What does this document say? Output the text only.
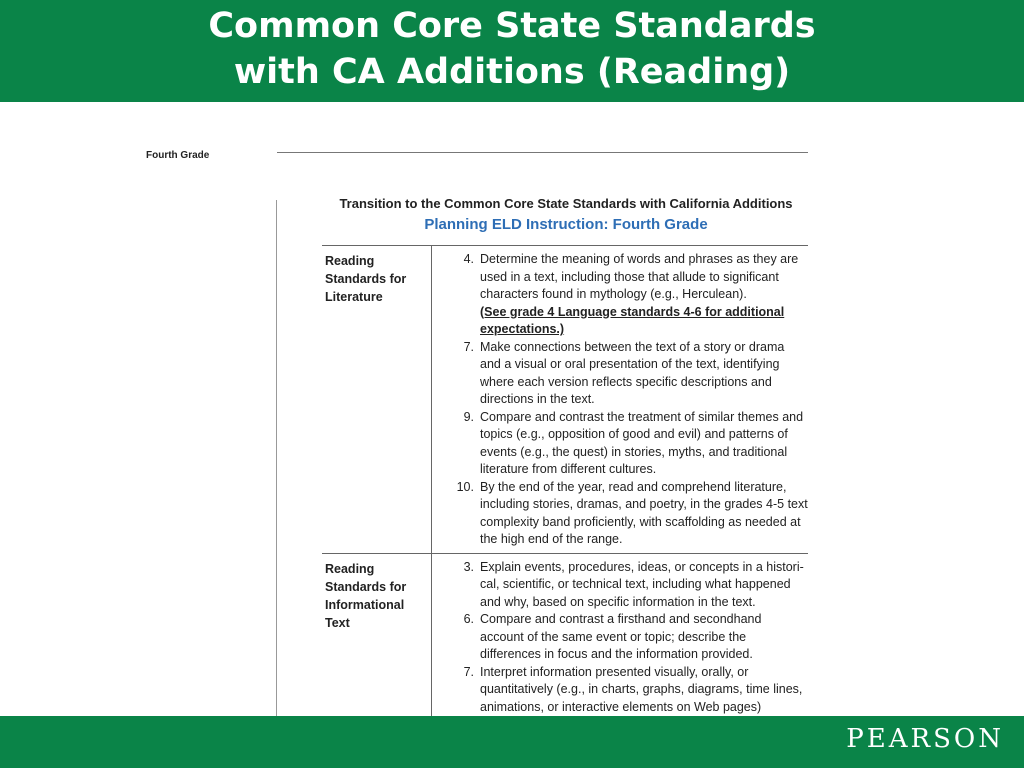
Common Core State Standards
with CA Additions (Reading)
Fourth Grade
Transition to the Common Core State Standards with California Additions
Planning ELD Instruction: Fourth Grade
Reading
Standards for
Literature
4. Determine the meaning of words and phrases as they are used in a text, including those that allude to significant characters found in mythology (e.g., Herculean).
(See grade 4 Language standards 4-6 for additional expectations.)
7. Make connections between the text of a story or drama and a visual or oral presentation of the text, identifying where each version reflects specific descriptions and directions in the text.
9. Compare and contrast the treatment of similar themes and topics (e.g., opposition of good and evil) and patterns of events (e.g., the quest) in stories, myths, and traditional literature from different cultures.
10. By the end of the year, read and comprehend literature, including stories, dramas, and poetry, in the grades 4-5 text complexity band proficiently, with scaffolding as needed at the high end of the range.
Reading
Standards for
Informational
Text
3. Explain events, procedures, ideas, or concepts in a histori- cal, scientific, or technical text, including what happened and why, based on specific information in the text.
6. Compare and contrast a firsthand and secondhand account of the same event or topic; describe the differences in focus and the information provided.
7. Interpret information presented visually, orally, or quantitatively (e.g., in charts, graphs, diagrams, time lines, animations, or interactive elements on Web pages)
PEARSON
